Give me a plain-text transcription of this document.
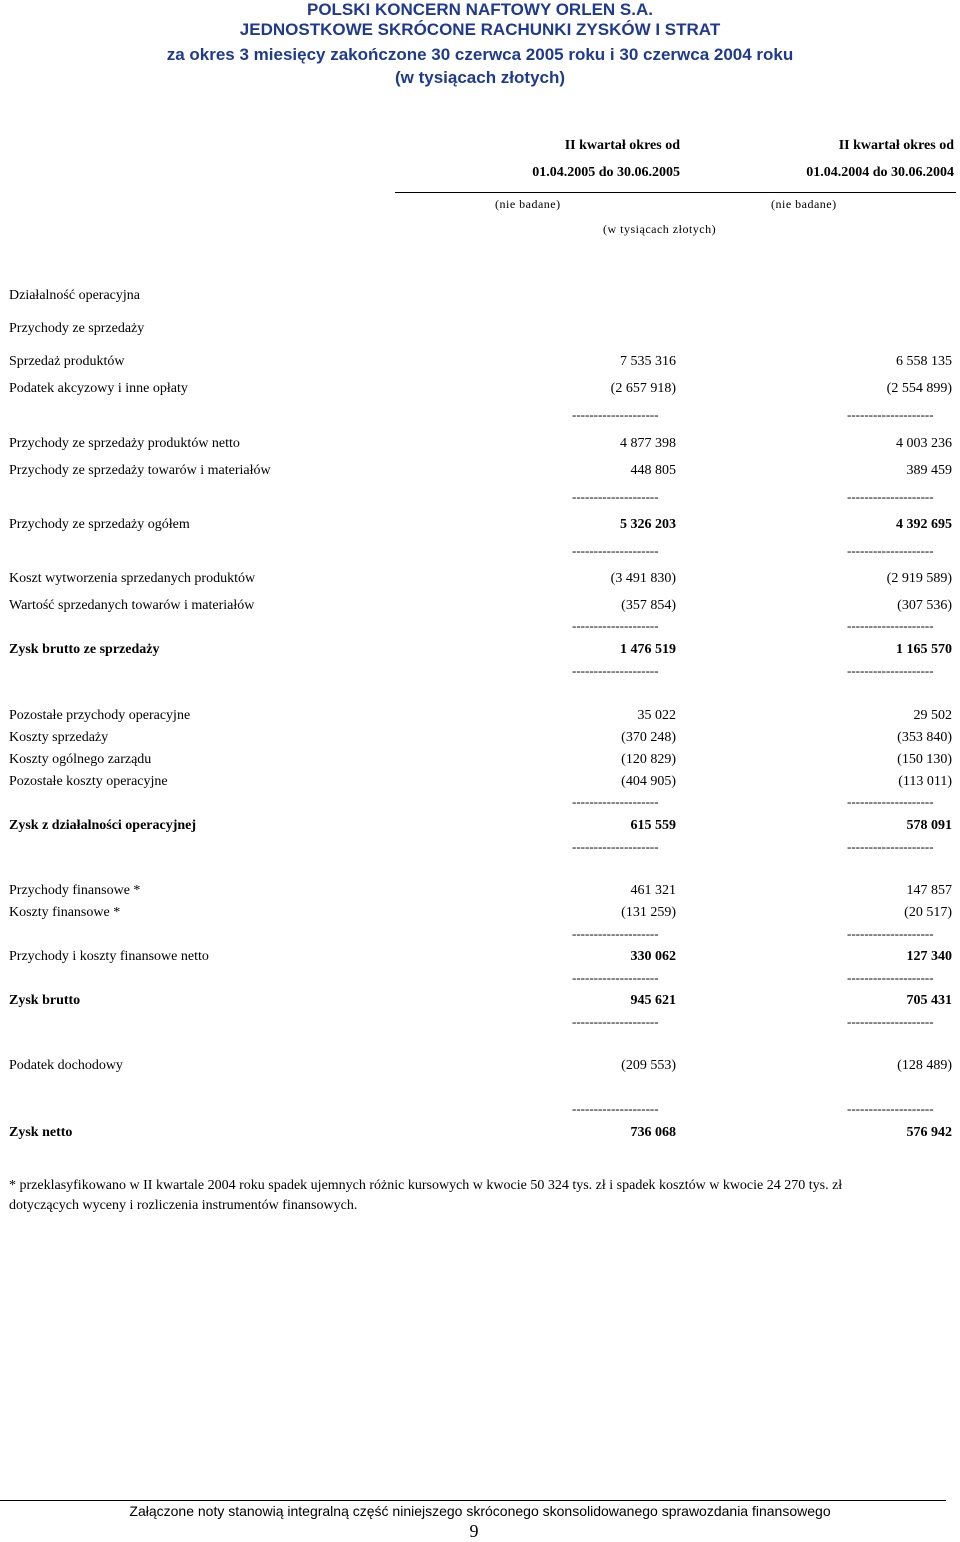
POLSKI KONCERN NAFTOWY ORLEN S.A.
JEDNOSTKOWE SKRÓCONE RACHUNKI ZYSKÓW I STRAT
za okres 3 miesięcy zakończone 30 czerwca 2005 roku i 30 czerwca 2004 roku
(w tysiącach złotych)
II kwartał okres od
01.04.2005 do 30.06.2005
II kwartał okres od
01.04.2004 do 30.06.2004
(nie badane)	(nie badane)
(w tysiącach złotych)
Działalność operacyjna
Przychody ze sprzedaży
Sprzedaż produktów	7 535 316	6 558 135
Podatek akcyzowy i inne opłaty	(2 657 918)	(2 554 899)
--------------------	--------------------
Przychody ze sprzedaży produktów netto	4 877 398	4 003 236
Przychody ze sprzedaży towarów i materiałów	448 805	389 459
--------------------	--------------------
Przychody ze sprzedaży ogółem	5 326 203	4 392 695
--------------------	--------------------
Koszt wytworzenia sprzedanych produktów	(3 491 830)	(2 919 589)
Wartość sprzedanych towarów i materiałów	(357 854)	(307 536)
--------------------	--------------------
Zysk brutto ze sprzedaży	1 476 519	1 165 570
--------------------	--------------------
Pozostałe przychody operacyjne	35 022	29 502
Koszty sprzedaży	(370 248)	(353 840)
Koszty ogólnego zarządu	(120 829)	(150 130)
Pozostałe koszty operacyjne	(404 905)	(113 011)
--------------------	--------------------
Zysk z działalności operacyjnej	615 559	578 091
--------------------	--------------------
Przychody finansowe *	461 321	147 857
Koszty finansowe *	(131 259)	(20 517)
--------------------	--------------------
Przychody i koszty finansowe netto	330 062	127 340
--------------------	--------------------
Zysk brutto	945 621	705 431
--------------------	--------------------
Podatek dochodowy	(209 553)	(128 489)
--------------------	--------------------
Zysk netto	736 068	576 942
* przeklasyfikowano w II kwartale 2004 roku spadek ujemnych różnic kursowych w kwocie 50 324 tys. zł i spadek kosztów w kwocie 24 270 tys. zł dotyczących wyceny i rozliczenia instrumentów finansowych.
Załączone noty stanowią integralną część niniejszego skróconego skonsolidowanego sprawozdania finansowego
9
